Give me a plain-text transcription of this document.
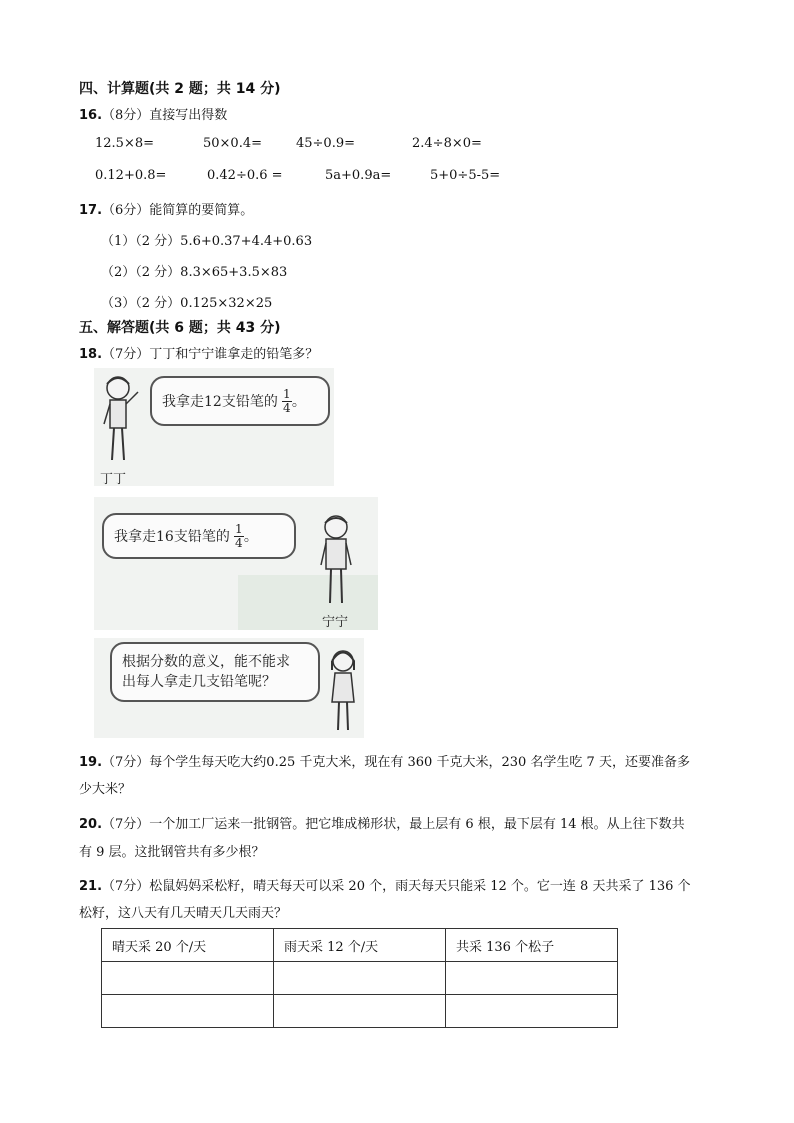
四、计算题(共 2 题；共 14 分)
16.（8分）直接写出得数
12.5×8=	50×0.4=	45÷0.9=	2.4÷8×0=
0.12+0.8=	0.42÷0.6 =	5a+0.9a=	5+0÷5-5=
17.（6分）能简算的要简算。
（1）（2 分）5.6+0.37+4.4+0.63
（2）（2 分）8.3×65+3.5×83
（3）（2 分）0.125×32×25
五、解答题(共 6 题；共 43 分)
18.（7分）丁丁和宁宁谁拿走的铅笔多？
我拿走12支铅笔的 $\frac{1}{4}$ 。
丁丁
我拿走16支铅笔的 $\frac{1}{4}$ 。
宁宁
根据分数的意义，能不能求
出每人拿走几支铅笔呢？
19.（7分）每个学生每天吃大约0.25 千克大米，现在有 360 千克大米，230 名学生吃 7 天，还要准备多
少大米？
20.（7分）一个加工厂运来一批钢管。把它堆成梯形状，最上层有 6 根，最下层有 14 根。从上往下数共
有 9 层。这批钢管共有多少根？
21.（7分）松鼠妈妈采松籽，晴天每天可以采 20 个，雨天每天只能采 12 个。它一连 8 天共采了 136 个
松籽，这八天有几天晴天几天雨天？
晴天采 20 个/天	雨天采 12 个/天	共采 136 个松子
